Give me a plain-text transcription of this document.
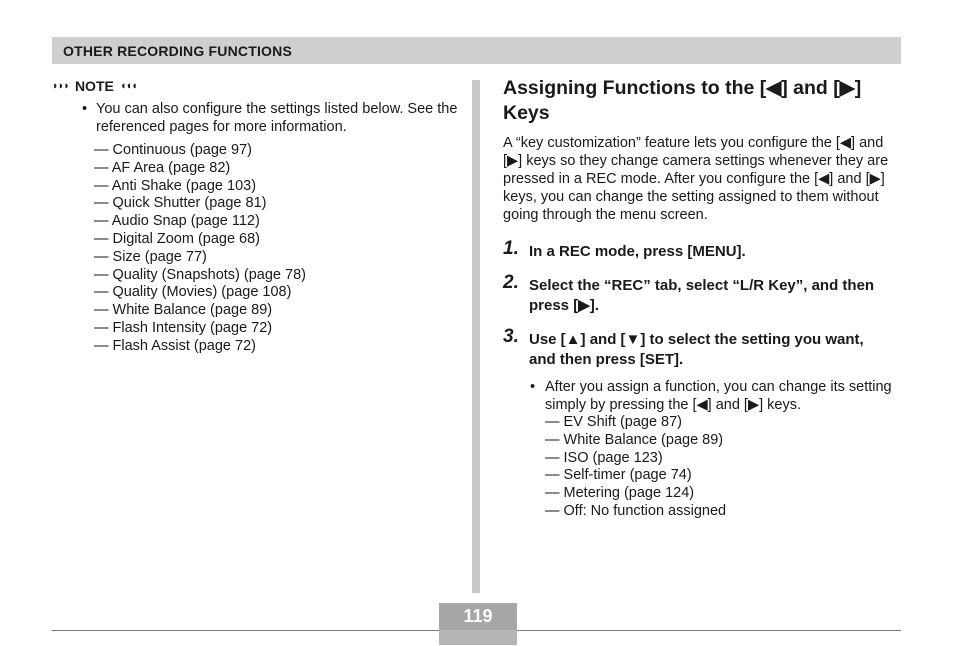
OTHER RECORDING FUNCTIONS
◗◗◗ NOTE ◖◖◖
• You can also configure the settings listed below. See the referenced pages for more information.
— Continuous (page 97)
— AF Area (page 82)
— Anti Shake (page 103)
— Quick Shutter (page 81)
— Audio Snap (page 112)
— Digital Zoom (page 68)
— Size (page 77)
— Quality (Snapshots) (page 78)
— Quality (Movies) (page 108)
— White Balance (page 89)
— Flash Intensity (page 72)
— Flash Assist (page 72)
Assigning Functions to the [◀] and [▶] Keys

A “key customization” feature lets you configure the [◀] and [▶] keys so they change camera settings whenever they are pressed in a REC mode. After you configure the [◀] and [▶] keys, you can change the setting assigned to them without going through the menu screen.

1. In a REC mode, press [MENU].
2. Select the “REC” tab, select “L/R Key”, and then press [▶].
3. Use [▲] and [▼] to select the setting you want, and then press [SET].
• After you assign a function, you can change its setting simply by pressing the [◀] and [▶] keys.
— EV Shift (page 87)
— White Balance (page 89)
— ISO (page 123)
— Self-timer (page 74)
— Metering (page 124)
— Off: No function assigned
119
